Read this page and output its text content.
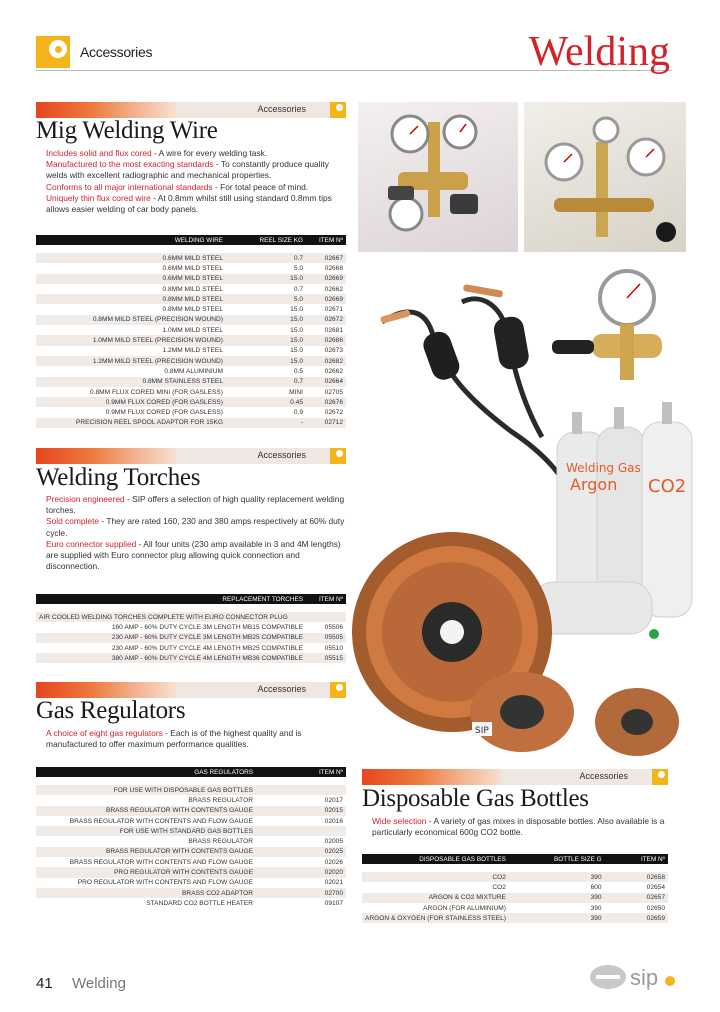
Accessories	Welding
Accessories
Mig Welding Wire

Includes solid and flux cored - A wire for every welding task.

Manufactured to the most exacting standards - To constantly produce quality welds with excellent radiographic and mechanical properties.

Conforms to all major international standards - For total peace of mind.

Uniquely thin flux cored wire - At 0.8mm whilst still using standard 0.8mm tips allows easier welding of car body panels.

WELDING WIRE	REEL SIZE KG	ITEM Nº

0.6MM MILD STEEL	0.7	02667
0.6MM MILD STEEL	5.0	02668
0.6MM MILD STEEL	15.0	02669
0.8MM MILD STEEL	0.7	02662
0.8MM MILD STEEL	5.0	02669
0.8MM MILD STEEL	15.0	02671
0.8MM MILD STEEL (PRECISION WOUND)	15.0	02672
1.0MM MILD STEEL	15.0	02681
1.0MM MILD STEEL (PRECISION WOUND)	15.0	02686
1.2MM MILD STEEL	15.0	02673
1.2MM MILD STEEL (PRECISION WOUND)	15.0	02682
0.8MM ALUMINIUM	0.5	02662
0.8MM STAINLESS STEEL	0.7	02664
0.8MM FLUX CORED MINI (FOR GASLESS)	MINI	02705
0.9MM FLUX CORED (FOR GASLESS)	0.45	02676
0.9MM FLUX CORED (FOR GASLESS)	0.9	02672
PRECISION REEL SPOOL ADAPTOR FOR 15KG	-	02712
Accessories
Welding Torches

Precision engineered - SIP offers a selection of high quality replacement welding torches.

Sold complete - They are rated 160, 230 and 380 amps respectively at 60% duty cycle.

Euro connector supplied - All four units (230 amp available in 3 and 4M lengths) are supplied with Euro connector plug allowing quick connection and disconnection.

REPLACEMENT TORCHES	ITEM Nº

AIR COOLED WELDING TORCHES COMPLETE WITH EURO CONNECTOR PLUG	
160 AMP - 60% DUTY CYCLE 3M LENGTH MB15 COMPATIBLE	05506
230 AMP - 60% DUTY CYCLE 3M LENGTH MB25 COMPATIBLE	05505
230 AMP - 60% DUTY CYCLE 4M LENGTH MB25 COMPATIBLE	05510
380 AMP - 60% DUTY CYCLE 4M LENGTH MB36 COMPATIBLE	05515
Accessories
Gas Regulators

A choice of eight gas regulators - Each is of the highest quality and is manufactured to offer maximum performance qualities.

GAS REGULATORS	ITEM Nº

FOR USE WITH DISPOSABLE GAS BOTTLES	
BRASS REGULATOR	02017
BRASS REGULATOR WITH CONTENTS GAUGE	02015
BRASS REGULATOR WITH CONTENTS AND FLOW GAUGE	02016
FOR USE WITH STANDARD GAS BOTTLES	
BRASS REGULATOR	02005
BRASS REGULATOR WITH CONTENTS GAUGE	02025
BRASS REGULATOR WITH CONTENTS AND FLOW GAUGE	02026
PRO REGULATOR WITH CONTENTS GAUGE	02020
PRO REGULATOR WITH CONTENTS AND FLOW GAUGE	02021
BRASS CO2 ADAPTOR	02700
STANDARD CO2 BOTTLE HEATER	09107
Accessories
Disposable Gas Bottles

Wide selection - A variety of gas mixes in disposable bottles. Also available is a particularly economical 600g CO2 bottle.

DISPOSABLE GAS BOTTLES	BOTTLE SIZE G	ITEM Nº

CO2	390	02658
CO2	600	02654
ARGON & CO2 MIXTURE	390	02657
ARGON (FOR ALUMINIUM)	390	02650
ARGON & OXYGEN (FOR STAINLESS STEEL)	390	02659
Welding Gas
Argon CO2
SIP
41 Welding	sip
